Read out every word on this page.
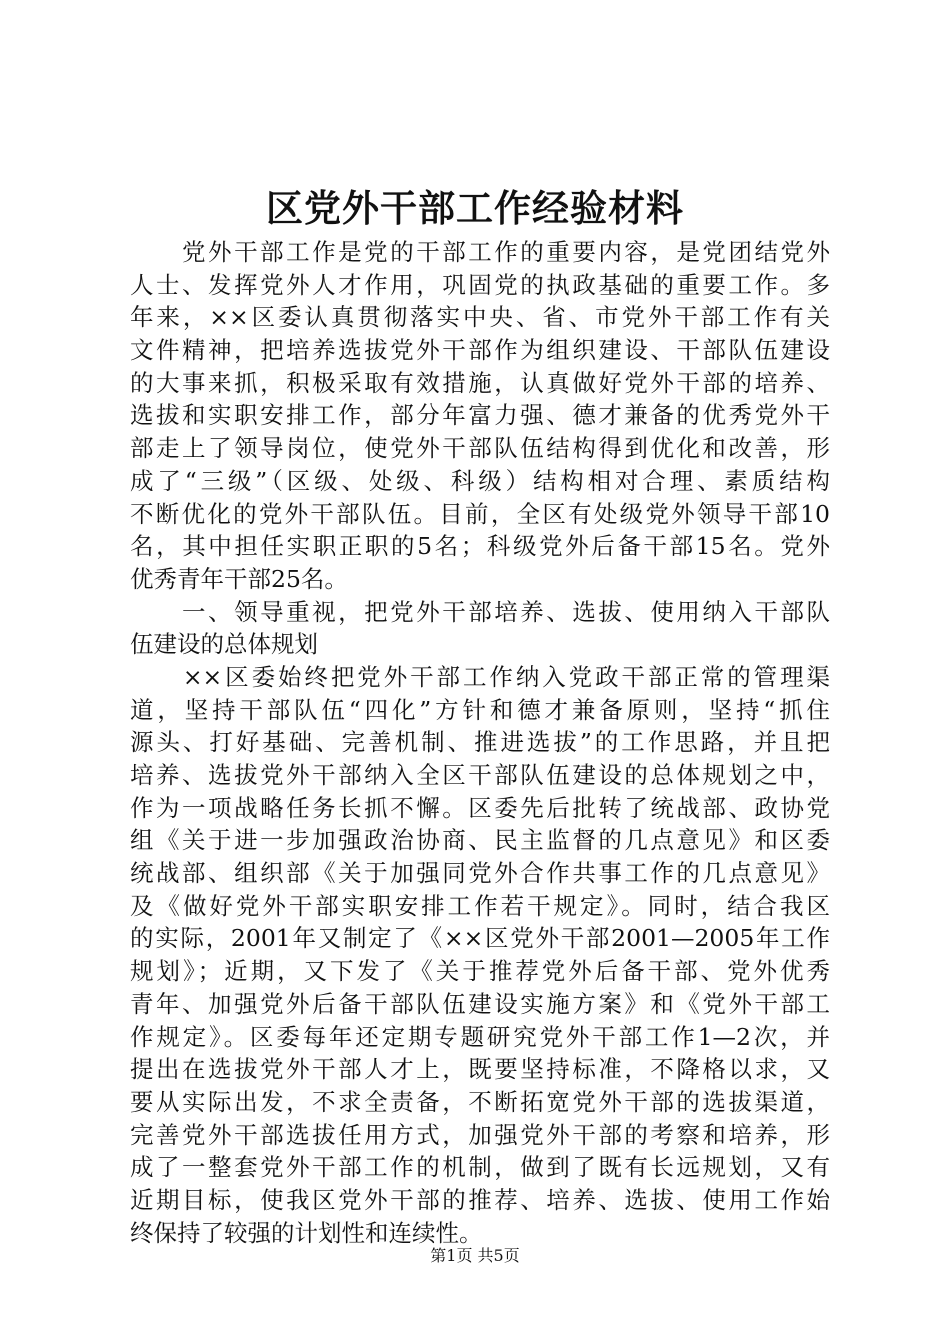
区党外干部工作经验材料
　　党外干部工作是党的干部工作的重要内容，是党团结党外
人士、发挥党外人才作用，巩固党的执政基础的重要工作。多
年来，××区委认真贯彻落实中央、省、市党外干部工作有关
文件精神，把培养选拔党外干部作为组织建设、干部队伍建设
的大事来抓，积极采取有效措施，认真做好党外干部的培养、
选拔和实职安排工作，部分年富力强、德才兼备的优秀党外干
部走上了领导岗位，使党外干部队伍结构得到优化和改善，形
成了“三级”（区级、处级、科级）结构相对合理、素质结构
不断优化的党外干部队伍。目前，全区有处级党外领导干部10
名，其中担任实职正职的5名；科级党外后备干部15名。党外
优秀青年干部25名。
　　一、领导重视，把党外干部培养、选拔、使用纳入干部队
伍建设的总体规划
　　××区委始终把党外干部工作纳入党政干部正常的管理渠
道，坚持干部队伍“四化”方针和德才兼备原则，坚持“抓住
源头、打好基础、完善机制、推进选拔”的工作思路，并且把
培养、选拔党外干部纳入全区干部队伍建设的总体规划之中，
作为一项战略任务长抓不懈。区委先后批转了统战部、政协党
组《关于进一步加强政治协商、民主监督的几点意见》和区委
统战部、组织部《关于加强同党外合作共事工作的几点意见》
及《做好党外干部实职安排工作若干规定》。同时，结合我区
的实际，2001年又制定了《××区党外干部2001—2005年工作
规划》；近期，又下发了《关于推荐党外后备干部、党外优秀
青年、加强党外后备干部队伍建设实施方案》和《党外干部工
作规定》。区委每年还定期专题研究党外干部工作1—2次，并
提出在选拔党外干部人才上，既要坚持标准，不降格以求，又
要从实际出发，不求全责备，不断拓宽党外干部的选拔渠道，
完善党外干部选拔任用方式，加强党外干部的考察和培养，形
成了一整套党外干部工作的机制，做到了既有长远规划，又有
近期目标，使我区党外干部的推荐、培养、选拔、使用工作始
终保持了较强的计划性和连续性。
第1页 共5页
